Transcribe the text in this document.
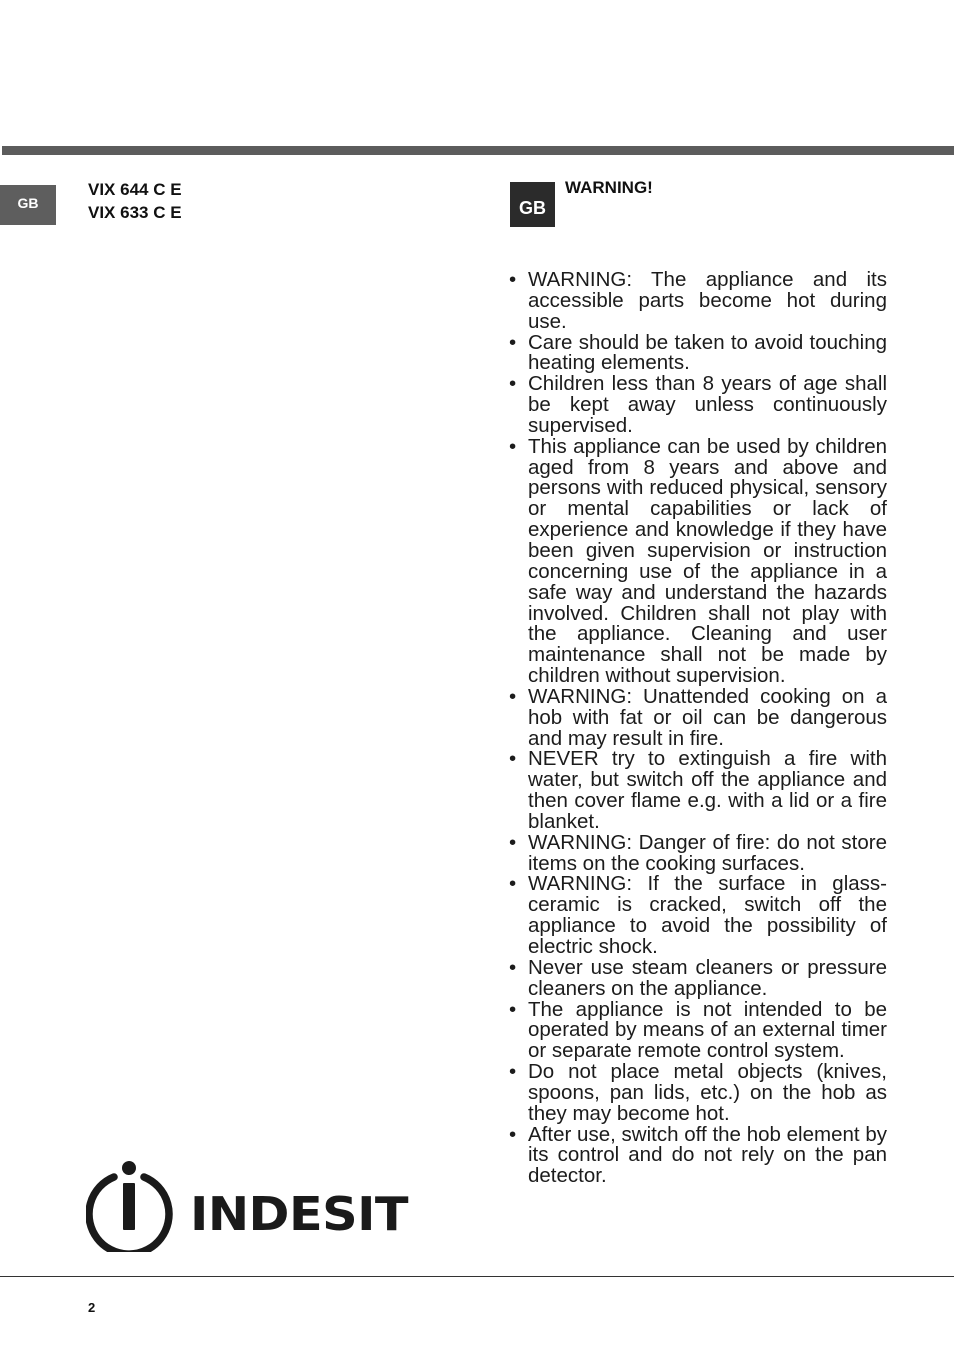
GB
VIX 644 C E
VIX 633 C E	GB
WARNING!
• WARNING: The appliance and its accessible parts become hot during use.
• Care should be taken to avoid touching heating elements.
• Children less than 8 years of age shall be kept away unless continuously supervised.
• This appliance can be used by children aged from 8 years and above and persons with reduced physical, sensory or mental capabilities or lack of experience and knowledge if they have been given supervision or instruction concerning use of the appliance in a safe way and understand the hazards involved. Children shall not play with the appliance. Cleaning and user maintenance shall not be made by children without supervision.
• WARNING: Unattended cooking on a hob with fat or oil can be dangerous and may result in fire.
• NEVER try to extinguish a fire with water, but switch off the appliance and then cover flame e.g. with a lid or a fire blanket.
• WARNING: Danger of fire: do not store items on the cooking surfaces.
• WARNING: If the surface in glass-ceramic is cracked, switch off the appliance to avoid the possibility of electric shock.
• Never use steam cleaners or pressure cleaners on the appliance.
• The appliance is not intended to be operated by means of an external timer or separate remote control system.
• Do not place metal objects (knives, spoons, pan lids, etc.) on the hob as they may become hot.
• After use, switch off the hob element by its control and do not rely on the pan detector.
INDESIT
2
